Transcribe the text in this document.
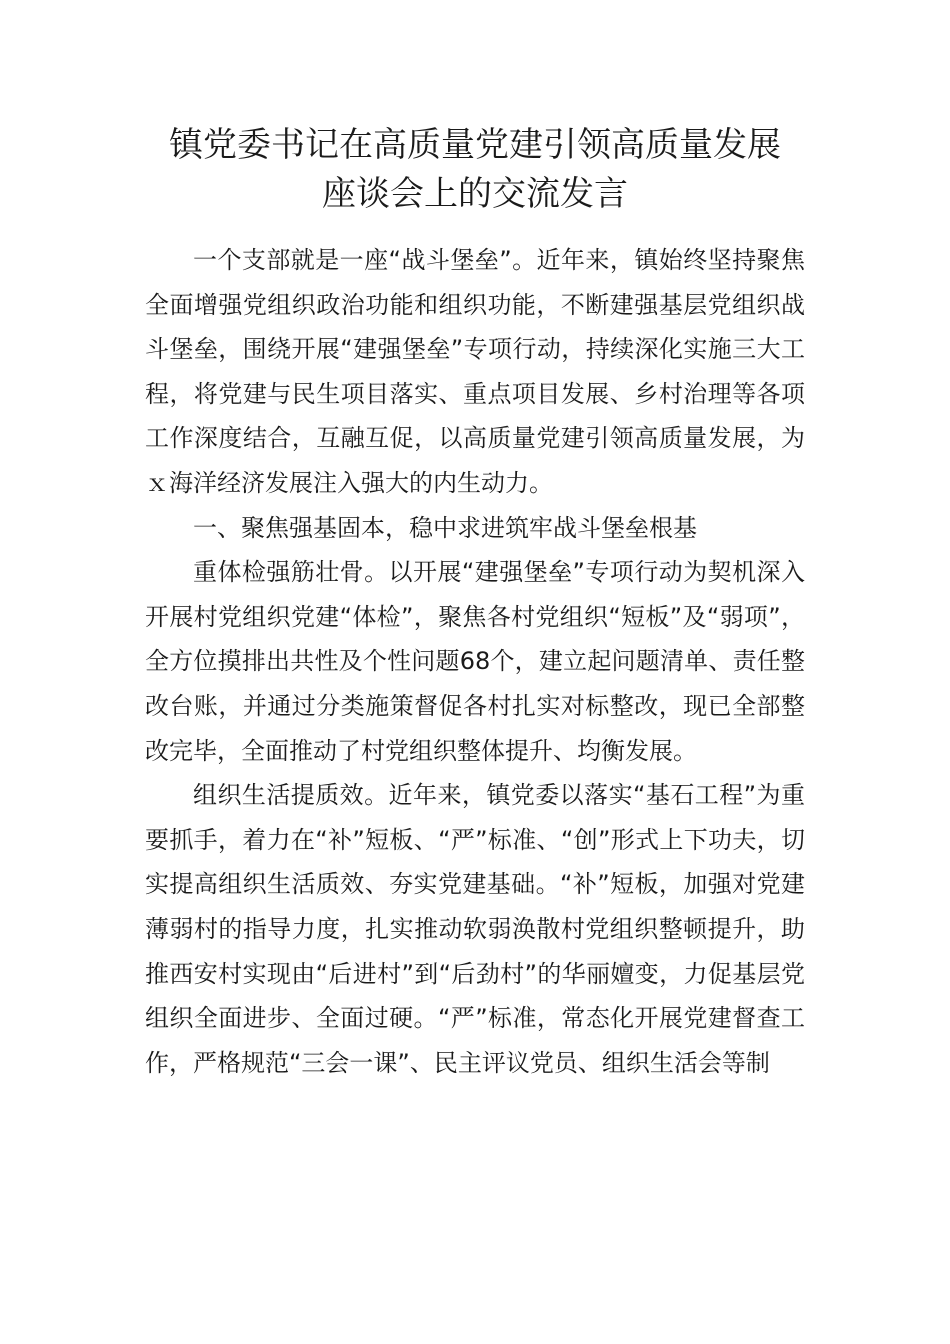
镇党委书记在高质量党建引领高质量发展
座谈会上的交流发言

一个支部就是一座“战斗堡垒”。近年来，镇始终坚持聚焦全面增强党组织政治功能和组织功能，不断建强基层党组织战斗堡垒，围绕开展“建强堡垒”专项行动，持续深化实施三大工程，将党建与民生项目落实、重点项目发展、乡村治理等各项工作深度结合，互融互促，以高质量党建引领高质量发展，为ｘ海洋经济发展注入强大的内生动力。

一、聚焦强基固本，稳中求进筑牢战斗堡垒根基

重体检强筋壮骨。以开展“建强堡垒”专项行动为契机深入开展村党组织党建“体检”，聚焦各村党组织“短板”及“弱项”，全方位摸排出共性及个性问题68个，建立起问题清单、责任整改台账，并通过分类施策督促各村扎实对标整改，现已全部整改完毕，全面推动了村党组织整体提升、均衡发展。

组织生活提质效。近年来，镇党委以落实“基石工程”为重要抓手，着力在“补”短板、“严”标准、“创”形式上下功夫，切实提高组织生活质效、夯实党建基础。“补”短板，加强对党建薄弱村的指导力度，扎实推动软弱涣散村党组织整顿提升，助推西安村实现由“后进村”到“后劲村”的华丽嬗变，力促基层党组织全面进步、全面过硬。“严”标准，常态化开展党建督查工作，严格规范“三会一课”、民主评议党员、组织生活会等制
